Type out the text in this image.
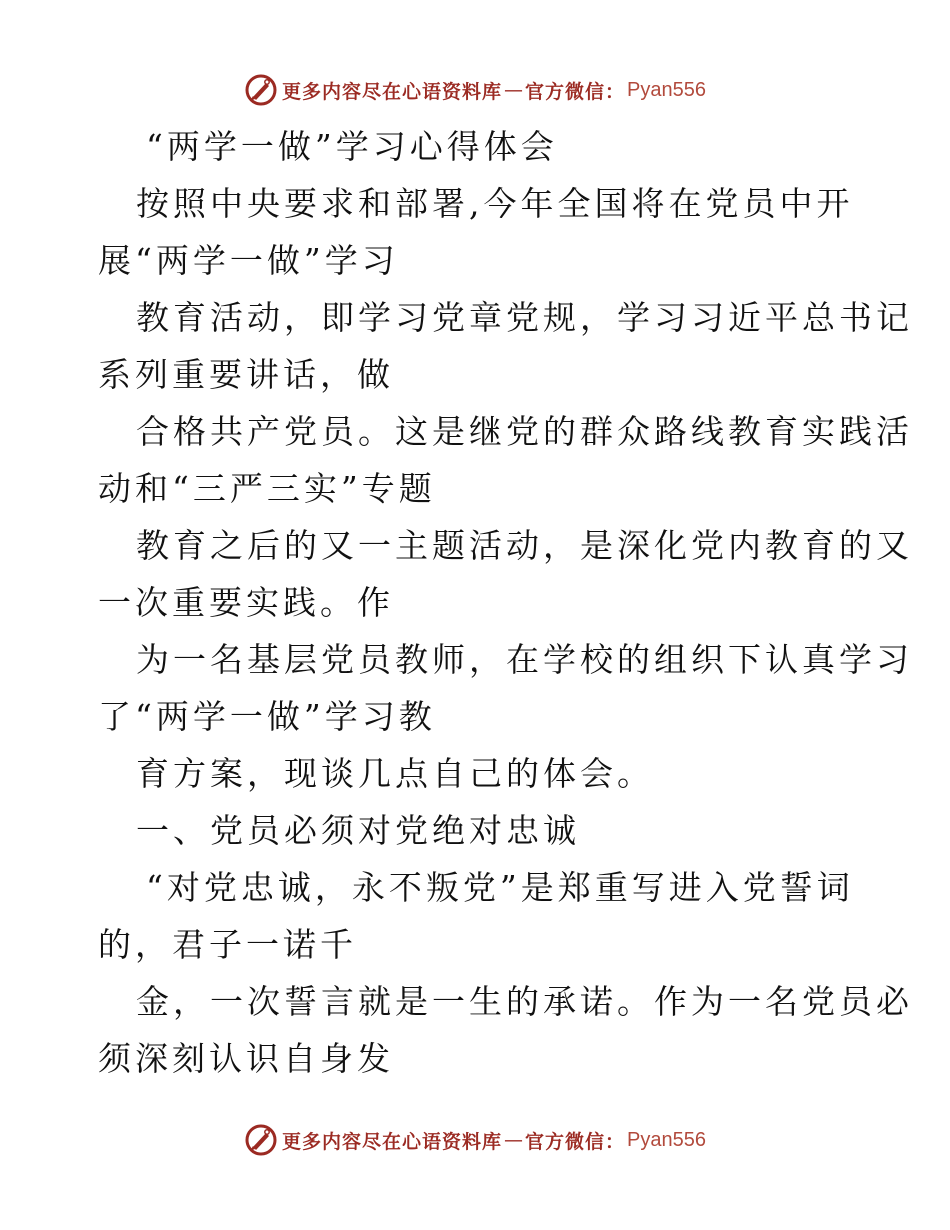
更多内容尽在心语资料库 — 官方微信： Pyan556
“两学一做”学习心得体会
按照中央要求和部署,今年全国将在党员中开
展“两学一做”学习
教育活动，即学习党章党规，学习习近平总书记
系列重要讲话，做
合格共产党员。这是继党的群众路线教育实践活
动和“三严三实”专题
教育之后的又一主题活动，是深化党内教育的又
一次重要实践。作
为一名基层党员教师，在学校的组织下认真学习
了“两学一做”学习教
育方案，现谈几点自己的体会。
一、党员必须对党绝对忠诚
“对党忠诚，永不叛党”是郑重写进入党誓词
的，君子一诺千
金，一次誓言就是一生的承诺。作为一名党员必
须深刻认识自身发
更多内容尽在心语资料库 — 官方微信： Pyan556
